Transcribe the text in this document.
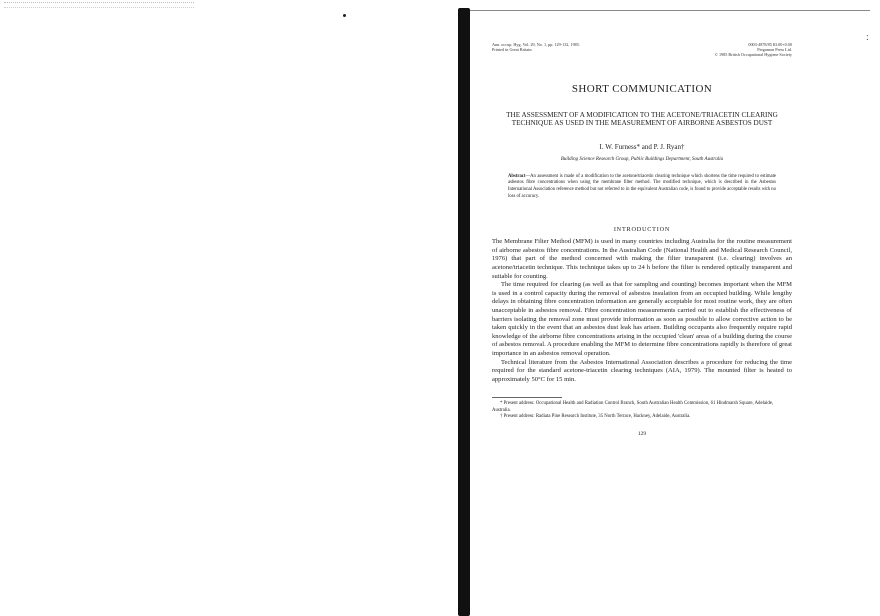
:
Ann. occup. Hyg. Vol. 29, No. 1, pp. 129-132, 1985.
Printed in Great Britain.
0003-4878/85 $3.00+0.00
Pergamon Press Ltd.
© 1985 British Occupational Hygiene Society
SHORT COMMUNICATION
THE ASSESSMENT OF A MODIFICATION TO THE ACETONE/TRIACETIN CLEARING TECHNIQUE AS USED IN THE MEASUREMENT OF AIRBORNE ASBESTOS DUST
I. W. Furness* and P. J. Ryan†
Building Science Research Group, Public Buildings Department, South Australia
Abstract—An assessment is made of a modification to the acetone/triacetin clearing technique which shortens the time required to estimate asbestos fibre concentrations when using the membrane filter method. The modified technique, which is described in the Asbestos International Association reference method but not referred to in the equivalent Australian code, is found to provide acceptable results with no loss of accuracy.
INTRODUCTION

The Membrane Filter Method (MFM) is used in many countries including Australia for the routine measurement of airborne asbestos fibre concentrations. In the Australian Code (National Health and Medical Research Council, 1976) that part of the method concerned with making the filter transparent (i.e. clearing) involves an acetone/triacetin technique. This technique takes up to 24 h before the filter is rendered optically transparent and suitable for counting.

The time required for clearing (as well as that for sampling and counting) becomes important when the MFM is used in a control capacity during the removal of asbestos insulation from an occupied building. While lengthy delays in obtaining fibre concentration information are generally acceptable for most routine work, they are often unacceptable in asbestos removal. Fibre concentration measurements carried out to establish the effectiveness of barriers isolating the removal zone must provide information as soon as possible to allow corrective action to be taken quickly in the event that an asbestos dust leak has arisen. Building occupants also frequently require rapid knowledge of the airborne fibre concentrations arising in the occupied 'clean' areas of a building during the course of asbestos removal. A procedure enabling the MFM to determine fibre concentrations rapidly is therefore of great importance in an asbestos removal operation.

Technical literature from the Asbestos International Association describes a procedure for reducing the time required for the standard acetone-triacetin clearing techniques (AIA, 1979). The mounted filter is heated to approximately 50°C for 15 min.

* Present address: Occupational Health and Radiation Control Branch, South Australian Health Commission, 61 Hindmarsh Square, Adelaide, Australia.

† Present address: Radiata Pine Research Institute, 35 North Terrace, Hackney, Adelaide, Australia.

129
